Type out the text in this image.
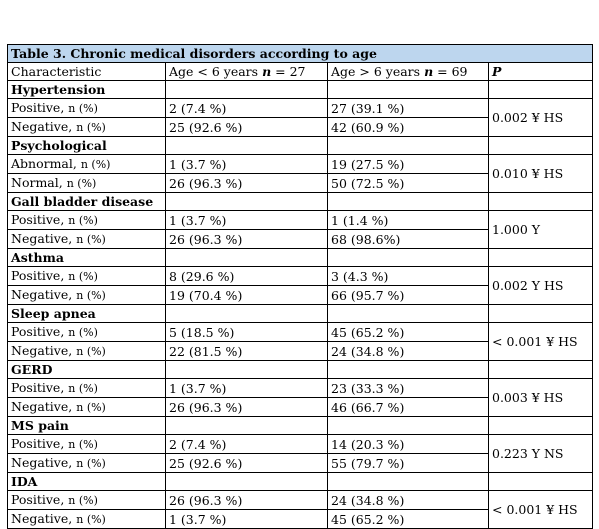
Table 3. Chronic medical disorders according to age			
Characteristic	Age < 6 years n = 27	Age > 6 years n = 69	P
Hypertension			
Positive, n (%)	2 (7.4 %)	27 (39.1 %)	0.002 ¥ HS
Negative, n (%)	25 (92.6 %)	42 (60.9 %)	
Psychological			
Abnormal, n (%)	1 (3.7 %)	19 (27.5 %)	0.010 ¥ HS
Normal, n (%)	26 (96.3 %)	50 (72.5 %)	
Gall bladder disease			
Positive, n (%)	1 (3.7 %)	1 (1.4 %)	1.000 Y
Negative, n (%)	26 (96.3 %)	68 (98.6%)	
Asthma			
Positive, n (%)	8 (29.6 %)	3 (4.3 %)	0.002 Y HS
Negative, n (%)	19 (70.4 %)	66 (95.7 %)	
Sleep apnea			
Positive, n (%)	5 (18.5 %)	45 (65.2 %)	< 0.001 ¥ HS
Negative, n (%)	22 (81.5 %)	24 (34.8 %)	
GERD			
Positive, n (%)	1 (3.7 %)	23 (33.3 %)	0.003 ¥ HS
Negative, n (%)	26 (96.3 %)	46 (66.7 %)	
MS pain			
Positive, n (%)	2 (7.4 %)	14 (20.3 %)	0.223 Y NS
Negative, n (%)	25 (92.6 %)	55 (79.7 %)	
IDA			
Positive, n (%)	26 (96.3 %)	24 (34.8 %)	< 0.001 ¥ HS
Negative, n (%)	1 (3.7 %)	45 (65.2 %)	
